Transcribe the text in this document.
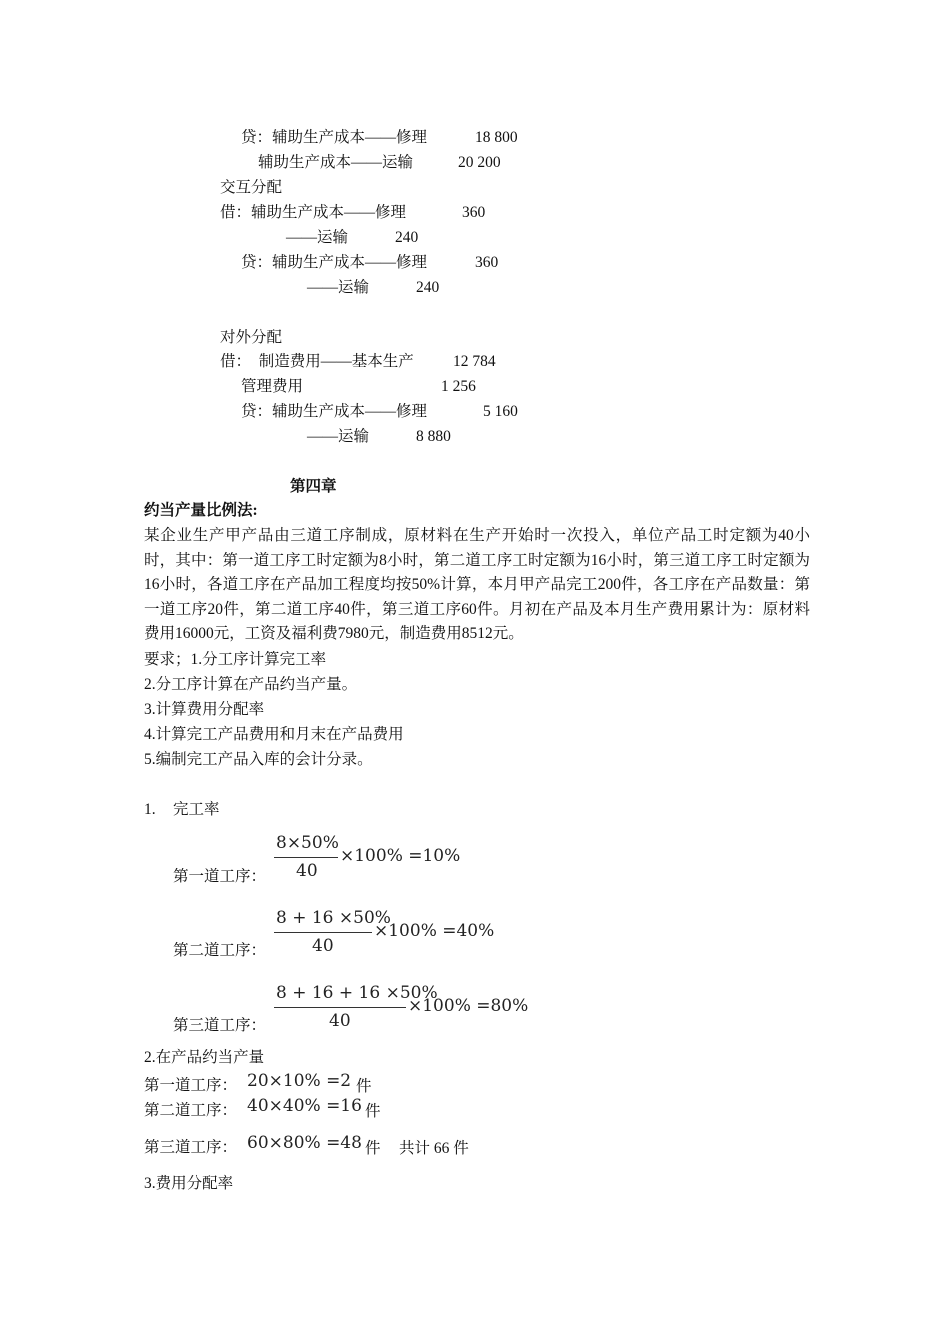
贷：辅助生产成本——修理	18 800
辅助生产成本——运输	20 200
交互分配
借：辅助生产成本——修理	360
——运输	240
贷：辅助生产成本——修理	360
——运输	240
对外分配
借：  制造费用——基本生产	12 784
管理费用	1 256
贷：辅助生产成本——修理	5 160
——运输	8 880
第四章
约当产量比例法:
某企业生产甲产品由三道工序制成，原材料在生产开始时一次投入，单位产品工时定额为40小时，其中：第一道工序工时定额为8小时，第二道工序工时定额为16小时，第三道工序工时定额为16小时，各道工序在产品加工程度均按50%计算，本月甲产品完工200件，各工序在产品数量：第一道工序20件，第二道工序40件，第三道工序60件。月初在产品及本月生产费用累计为：原材料费用16000元，工资及福利费7980元，制造费用8512元。
要求；1.分工序计算完工率
2.分工序计算在产品约当产量。
3.计算费用分配率
4.计算完工产品费用和月末在产品费用
5.编制完工产品入库的会计分录。
1. 完工率
第一道工序：
8×50%
40
×100% =10%
第二道工序：
8 + 16 ×50%
40
×100% =40%
第三道工序：
8 + 16 + 16 ×50%
40
×100% =80%
2.在产品约当产量
第一道工序： 20×10% =2 件
第二道工序： 40×40% =16 件
第三道工序： 60×80% =48 件 共计 66 件
3.费用分配率
